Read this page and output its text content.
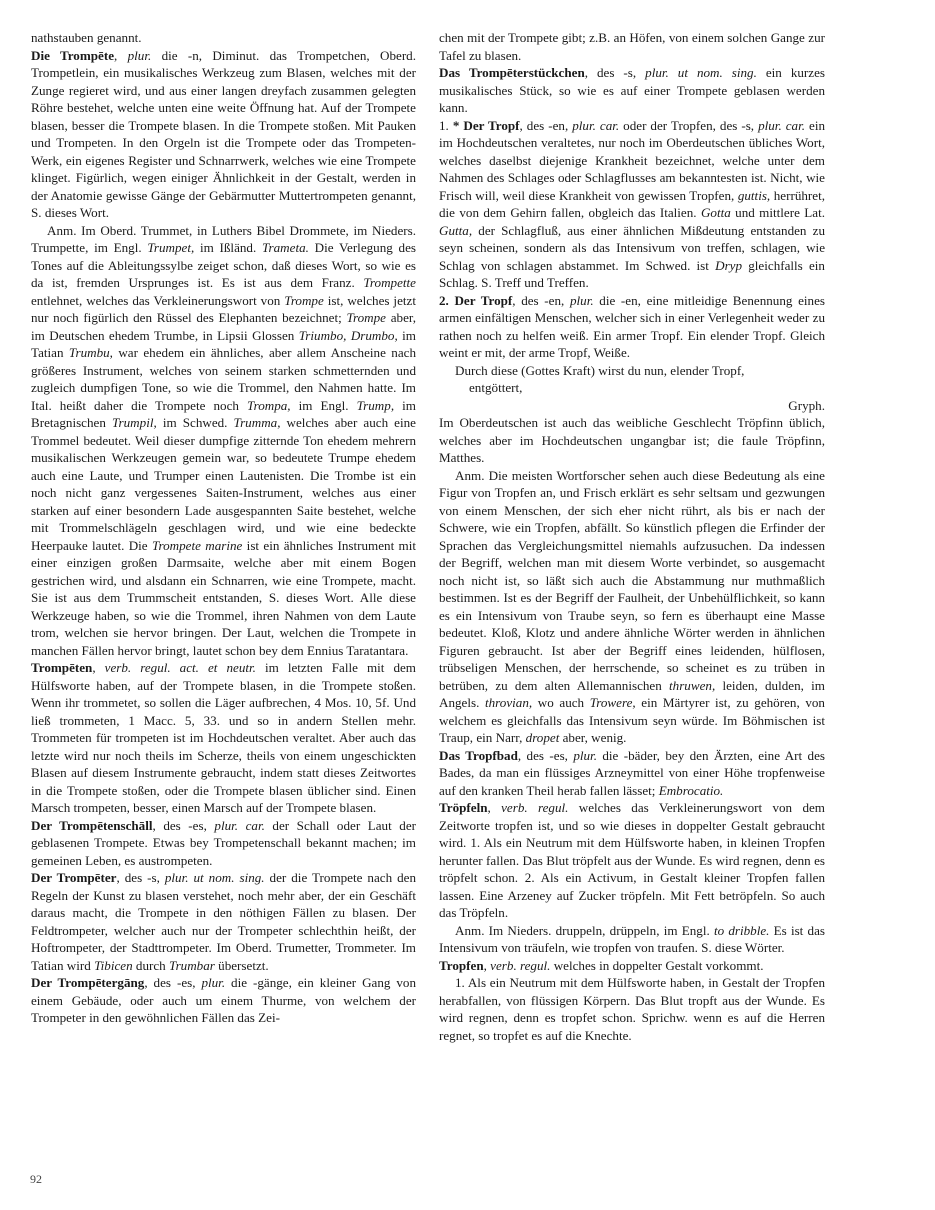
nathstauben genannt.
Die Trompēte, plur. die -n, Diminut. das Trompetchen, Oberd. Trompetlein, ein musikalisches Werkzeug zum Blasen, welches mit der Zunge regieret wird, und aus einer langen dreyfach zusammen gelegten Röhre bestehet, welche unten eine weite Öffnung hat. Auf der Trompete blasen, besser die Trompete blasen. In die Trompete stoßen. Mit Pauken und Trompeten. In den Orgeln ist die Trompete oder das Trompeten-Werk, ein eigenes Register und Schnarrwerk, welches wie eine Trompete klinget. Figürlich, wegen einiger Ähnlichkeit in der Gestalt, werden in der Anatomie gewisse Gänge der Gebärmutter Muttertrompeten genannt, S. dieses Wort.
Anm. Im Oberd. Trummet, in Luthers Bibel Drommete, im Nieders. Trumpette, im Engl. Trumpet, im Ißländ. Trameta. Die Verlegung des Tones auf die Ableitungssylbe zeiget schon, daß dieses Wort, so wie es da ist, fremden Ursprunges ist. Es ist aus dem Franz. Trompette entlehnet, welches das Verkleinerungswort von Trompe ist, welches jetzt nur noch figürlich den Rüssel des Elephanten bezeichnet; Trompe aber, im Deutschen ehedem Trumbe, in Lipsii Glossen Triumbo, Drumbo, im Tatian Trumbu, war ehedem ein ähnliches, aber allem Anscheine nach größeres Instrument, welches von seinem starken schmetternden und zugleich dumpfigen Tone, so wie die Trommel, den Nahmen hatte. Im Ital. heißt daher die Trompete noch Trompa, im Engl. Trump, im Bretagnischen Trumpil, im Schwed. Trumma, welches aber auch eine Trommel bedeutet. Weil dieser dumpfige zitternde Ton ehedem mehrern musikalischen Werkzeugen gemein war, so bedeutete Trumpe ehedem auch eine Laute, und Trumper einen Lautenisten. Die Trombe ist ein noch nicht ganz vergessenes Saiten-Instrument, welches aus einer starken auf einer besondern Lade ausgespannten Saite bestehet, welche mit Trommelschlägeln geschlagen wird, und wie eine bedeckte Heerpauke lautet. Die Trompete marine ist ein ähnliches Instrument mit einer einzigen großen Darmsaite, welche aber mit einem Bogen gestrichen wird, und alsdann ein Schnarren, wie eine Trompete, macht. Sie ist aus dem Trummscheit entstanden, S. dieses Wort. Alle diese Werkzeuge haben, so wie die Trommel, ihren Nahmen von dem Laute trom, welchen sie hervor bringen. Der Laut, welchen die Trompete in manchen Fällen hervor bringt, lautet schon bey dem Ennius Taratantara.
Trompēten, verb. regul. act. et neutr. im letzten Falle mit dem Hülfsworte haben, auf der Trompete blasen, in die Trompete stoßen. Wenn ihr trommetet, so sollen die Läger aufbrechen, 4 Mos. 10, 5f. Und ließ trommeten, 1 Macc. 5, 33. und so in andern Stellen mehr. Trommeten für trompeten ist im Hochdeutschen veraltet. Aber auch das letzte wird nur noch theils im Scherze, theils von einem ungeschickten Blasen auf diesem Instrumente gebraucht, indem statt dieses Zeitwortes in die Trompete stoßen, oder die Trompete blasen üblicher sind. Einen Marsch trompeten, besser, einen Marsch auf der Trompete blasen.
Der Trompētenschāll, des -es, plur. car. der Schall oder Laut der geblasenen Trompete. Etwas bey Trompetenschall bekannt machen; im gemeinen Leben, es austrompeten.
Der Trompēter, des -s, plur. ut nom. sing. der die Trompete nach den Regeln der Kunst zu blasen verstehet, noch mehr aber, der ein Geschäft daraus macht, die Trompete in den nöthigen Fällen zu blasen. Der Feldtrompeter, welcher auch nur der Trompeter schlechthin heißt, der Hoftrompeter, der Stadttrompeter. Im Oberd. Trumetter, Trommeter. Im Tatian wird Tibicen durch Trumbar übersetzt.
Der Trompētergāng, des -es, plur. die -gänge, ein kleiner Gang von einem Gebäude, oder auch um einem Thurme, von welchem der Trompeter in den gewöhnlichen Fällen das Zei-
chen mit der Trompete gibt; z.B. an Höfen, von einem solchen Gange zur Tafel zu blasen.
Das Trompēterstückchen, des -s, plur. ut nom. sing. ein kurzes musikalisches Stück, so wie es auf einer Trompete geblasen werden kann.
1. * Der Tropf, des -en, plur. car. oder der Tropfen, des -s, plur. car. ein im Hochdeutschen veraltetes, nur noch im Oberdeutschen übliches Wort, welches daselbst diejenige Krankheit bezeichnet, welche unter dem Nahmen des Schlages oder Schlagflusses am bekanntesten ist. Nicht, wie Frisch will, weil diese Krankheit von gewissen Tropfen, guttis, herrühret, die von dem Gehirn fallen, obgleich das Italien. Gotta und mittlere Lat. Gutta, der Schlagfluß, aus einer ähnlichen Mißdeutung entstanden zu seyn scheinen, sondern als das Intensivum von treffen, schlagen, wie Schlag von schlagen abstammet. Im Schwed. ist Dryp gleichfalls ein Schlag. S. Treff und Treffen.
2. Der Tropf, des -en, plur. die -en, eine mitleidige Benennung eines armen einfältigen Menschen, welcher sich in einer Verlegenheit weder zu rathen noch zu helfen weiß. Ein armer Tropf. Ein elender Tropf. Gleich weint er mit, der arme Tropf, Weiße.
Durch diese (Gottes Kraft) wirst du nun, elender Tropf,
entgöttert,
Gryph.
Im Oberdeutschen ist auch das weibliche Geschlecht Tröpfinn üblich, welches aber im Hochdeutschen ungangbar ist; die faule Tröpfinn, Matthes.
Anm. Die meisten Wortforscher sehen auch diese Bedeutung als eine Figur von Tropfen an, und Frisch erklärt es sehr seltsam und gezwungen von einem Menschen, der sich eher nicht rührt, als bis er nach der Schwere, wie ein Tropfen, abfällt. So künstlich pflegen die Erfinder der Sprachen das Vergleichungsmittel niemahls aufzusuchen. Da indessen der Begriff, welchen man mit diesem Worte verbindet, so ausgemacht noch nicht ist, so läßt sich auch die Abstammung nur muthmaßlich bestimmen. Ist es der Begriff der Faulheit, der Unbehülflichkeit, so kann es ein Intensivum von Traube seyn, so fern es überhaupt eine Masse bedeutet. Kloß, Klotz und andere ähnliche Wörter werden in ähnlichen Figuren gebraucht. Ist aber der Begriff eines leidenden, hülflosen, trübseligen Menschen, der herrschende, so scheinet es zu trüben in betrüben, zu dem alten Allemannischen thruwen, leiden, dulden, im Angels. throvian, wo auch Trowere, ein Märtyrer ist, zu gehören, von welchem es gleichfalls das Intensivum seyn würde. Im Böhmischen ist Traup, ein Narr, dropet aber, wenig.
Das Tropfbad, des -es, plur. die -bäder, bey den Ärzten, eine Art des Bades, da man ein flüssiges Arzneymittel von einer Höhe tropfenweise auf den kranken Theil herab fallen lässet; Embrocatio.
Tröpfeln, verb. regul. welches das Verkleinerungswort von dem Zeitworte tropfen ist, und so wie dieses in doppelter Gestalt gebraucht wird. 1. Als ein Neutrum mit dem Hülfsworte haben, in kleinen Tropfen herunter fallen. Das Blut tröpfelt aus der Wunde. Es wird regnen, denn es tröpfelt schon. 2. Als ein Activum, in Gestalt kleiner Tropfen fallen lassen. Eine Arzeney auf Zucker tröpfeln. Mit Fett betröpfeln. So auch das Tröpfeln.
Anm. Im Nieders. druppeln, drüppeln, im Engl. to dribble. Es ist das Intensivum von träufeln, wie tropfen von traufen. S. diese Wörter.
Tropfen, verb. regul. welches in doppelter Gestalt vorkommt.
1. Als ein Neutrum mit dem Hülfsworte haben, in Gestalt der Tropfen herabfallen, von flüssigen Körpern. Das Blut tropft aus der Wunde. Es wird regnen, denn es tropfet schon. Sprichw. wenn es auf die Herren regnet, so tropfet es auf die Knechte.
92
